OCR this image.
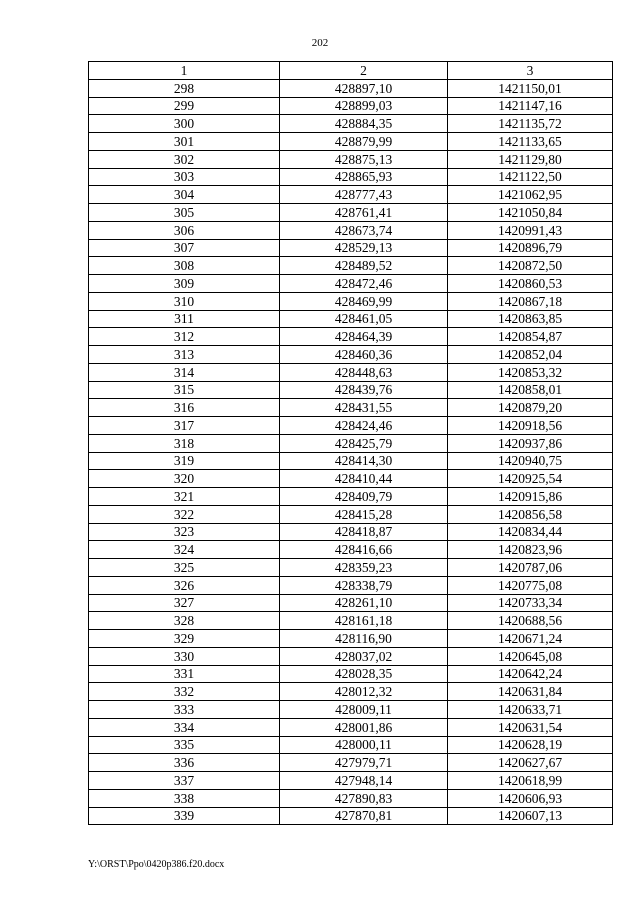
202
1	2	3
298	428897,10	1421150,01
299	428899,03	1421147,16
300	428884,35	1421135,72
301	428879,99	1421133,65
302	428875,13	1421129,80
303	428865,93	1421122,50
304	428777,43	1421062,95
305	428761,41	1421050,84
306	428673,74	1420991,43
307	428529,13	1420896,79
308	428489,52	1420872,50
309	428472,46	1420860,53
310	428469,99	1420867,18
311	428461,05	1420863,85
312	428464,39	1420854,87
313	428460,36	1420852,04
314	428448,63	1420853,32
315	428439,76	1420858,01
316	428431,55	1420879,20
317	428424,46	1420918,56
318	428425,79	1420937,86
319	428414,30	1420940,75
320	428410,44	1420925,54
321	428409,79	1420915,86
322	428415,28	1420856,58
323	428418,87	1420834,44
324	428416,66	1420823,96
325	428359,23	1420787,06
326	428338,79	1420775,08
327	428261,10	1420733,34
328	428161,18	1420688,56
329	428116,90	1420671,24
330	428037,02	1420645,08
331	428028,35	1420642,24
332	428012,32	1420631,84
333	428009,11	1420633,71
334	428001,86	1420631,54
335	428000,11	1420628,19
336	427979,71	1420627,67
337	427948,14	1420618,99
338	427890,83	1420606,93
339	427870,81	1420607,13
Y:\ORST\Ppo\0420p386.f20.docx
